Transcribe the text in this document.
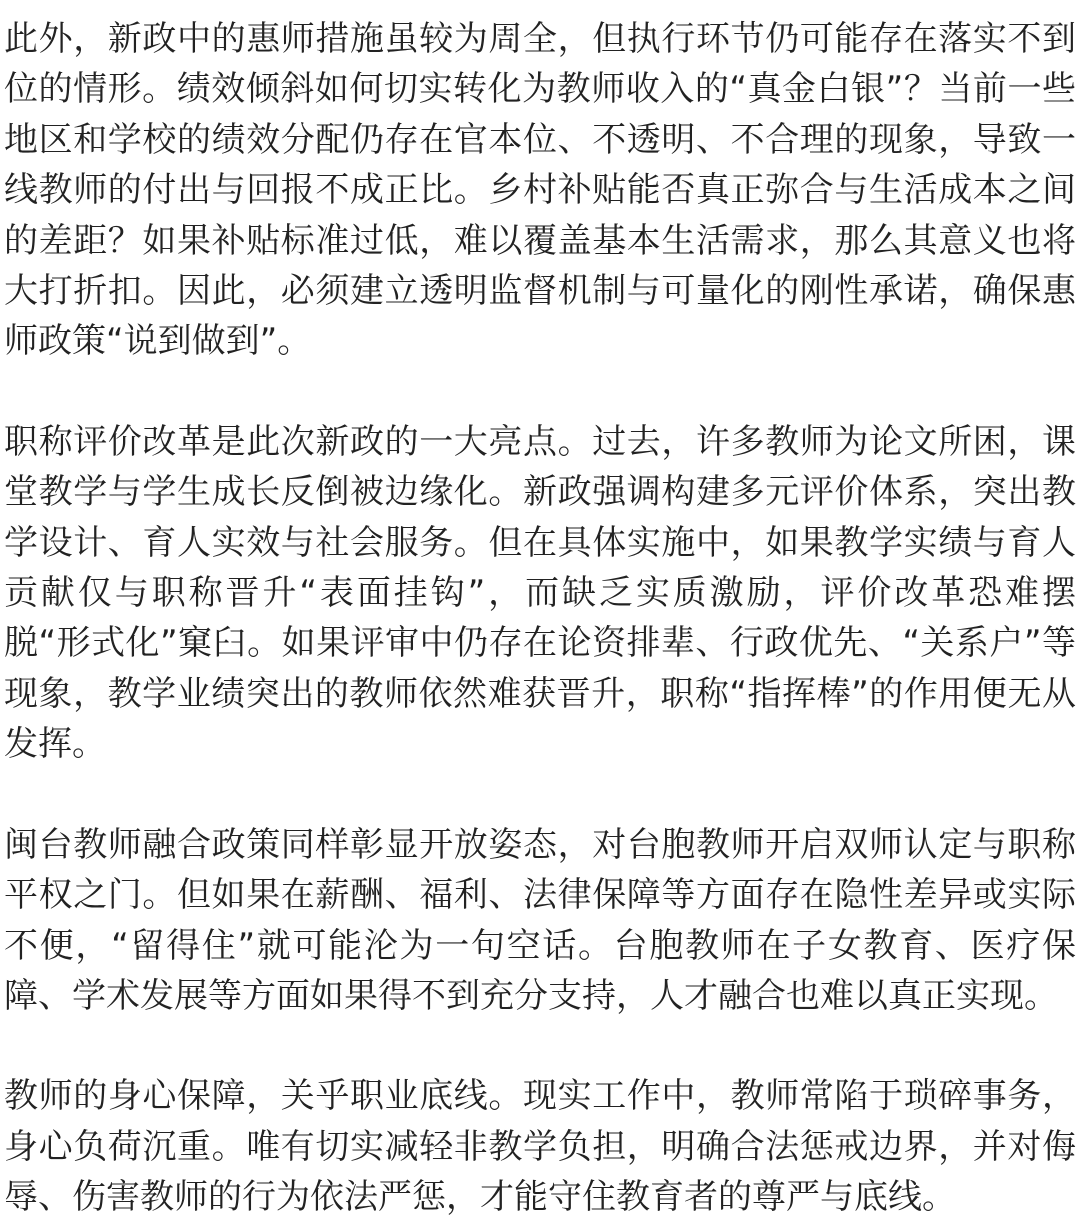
此外，新政中的惠师措施虽较为周全，但执行环节仍可能存在落实不到位的情形。绩效倾斜如何切实转化为教师收入的“真金白银”？当前一些地区和学校的绩效分配仍存在官本位、不透明、不合理的现象，导致一线教师的付出与回报不成正比。乡村补贴能否真正弥合与生活成本之间的差距？如果补贴标准过低，难以覆盖基本生活需求，那么其意义也将大打折扣。因此，必须建立透明监督机制与可量化的刚性承诺，确保惠师政策“说到做到”。

职称评价改革是此次新政的一大亮点。过去，许多教师为论文所困，课堂教学与学生成长反倒被边缘化。新政强调构建多元评价体系，突出教学设计、育人实效与社会服务。但在具体实施中，如果教学实绩与育人贡献仅与职称晋升“表面挂钩”，而缺乏实质激励，评价改革恐难摆脱“形式化”窠臼。如果评审中仍存在论资排辈、行政优先、“关系户”等现象，教学业绩突出的教师依然难获晋升，职称“指挥棒”的作用便无从发挥。

闽台教师融合政策同样彰显开放姿态，对台胞教师开启双师认定与职称平权之门。但如果在薪酬、福利、法律保障等方面存在隐性差异或实际不便，“留得住”就可能沦为一句空话。台胞教师在子女教育、医疗保障、学术发展等方面如果得不到充分支持，人才融合也难以真正实现。

教师的身心保障，关乎职业底线。现实工作中，教师常陷于琐碎事务，身心负荷沉重。唯有切实减轻非教学负担，明确合法惩戒边界，并对侮辱、伤害教师的行为依法严惩，才能守住教育者的尊严与底线。
